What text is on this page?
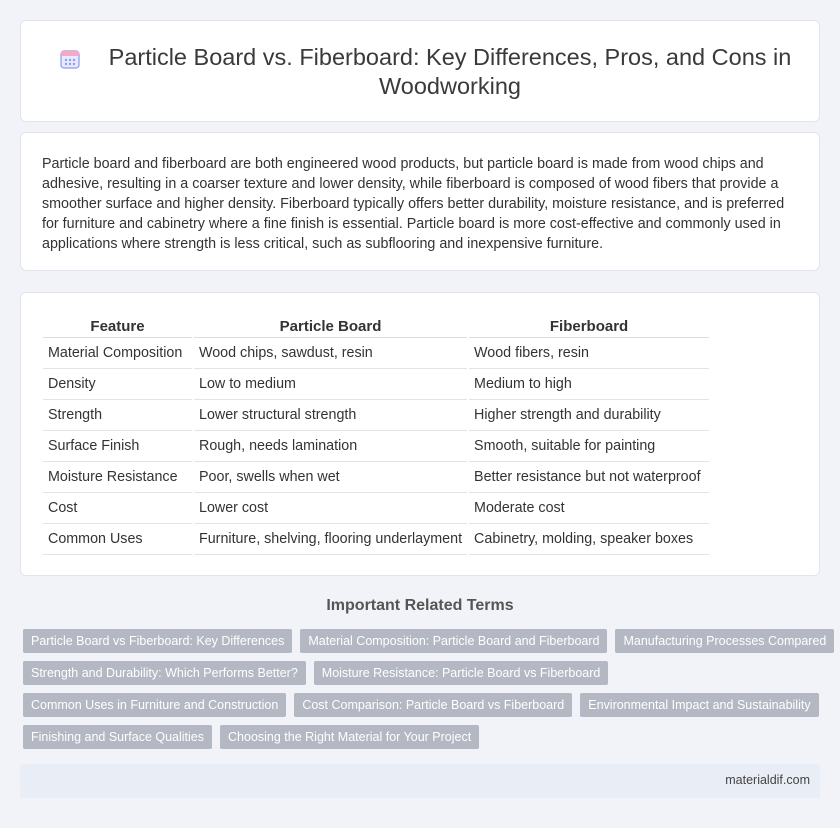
Particle Board vs. Fiberboard: Key Differences, Pros, and Cons in Woodworking

Particle board and fiberboard are both engineered wood products, but particle board is made from wood chips and adhesive, resulting in a coarser texture and lower density, while fiberboard is composed of wood fibers that provide a smoother surface and higher density. Fiberboard typically offers better durability, moisture resistance, and is preferred for furniture and cabinetry where a fine finish is essential. Particle board is more cost-effective and commonly used in applications where strength is less critical, such as subflooring and inexpensive furniture.

Feature	Particle Board	Fiberboard
Material Composition	Wood chips, sawdust, resin	Wood fibers, resin
Density	Low to medium	Medium to high
Strength	Lower structural strength	Higher strength and durability
Surface Finish	Rough, needs lamination	Smooth, suitable for painting
Moisture Resistance	Poor, swells when wet	Better resistance but not waterproof
Cost	Lower cost	Moderate cost
Common Uses	Furniture, shelving, flooring underlayment	Cabinetry, molding, speaker boxes
Important Related Terms
Particle Board vs Fiberboard: Key Differences	Material Composition: Particle Board and Fiberboard	Manufacturing Processes Compared
Strength and Durability: Which Performs Better?	Moisture Resistance: Particle Board vs Fiberboard
Common Uses in Furniture and Construction	Cost Comparison: Particle Board vs Fiberboard	Environmental Impact and Sustainability
Finishing and Surface Qualities	Choosing the Right Material for Your Project
materialdif.com
